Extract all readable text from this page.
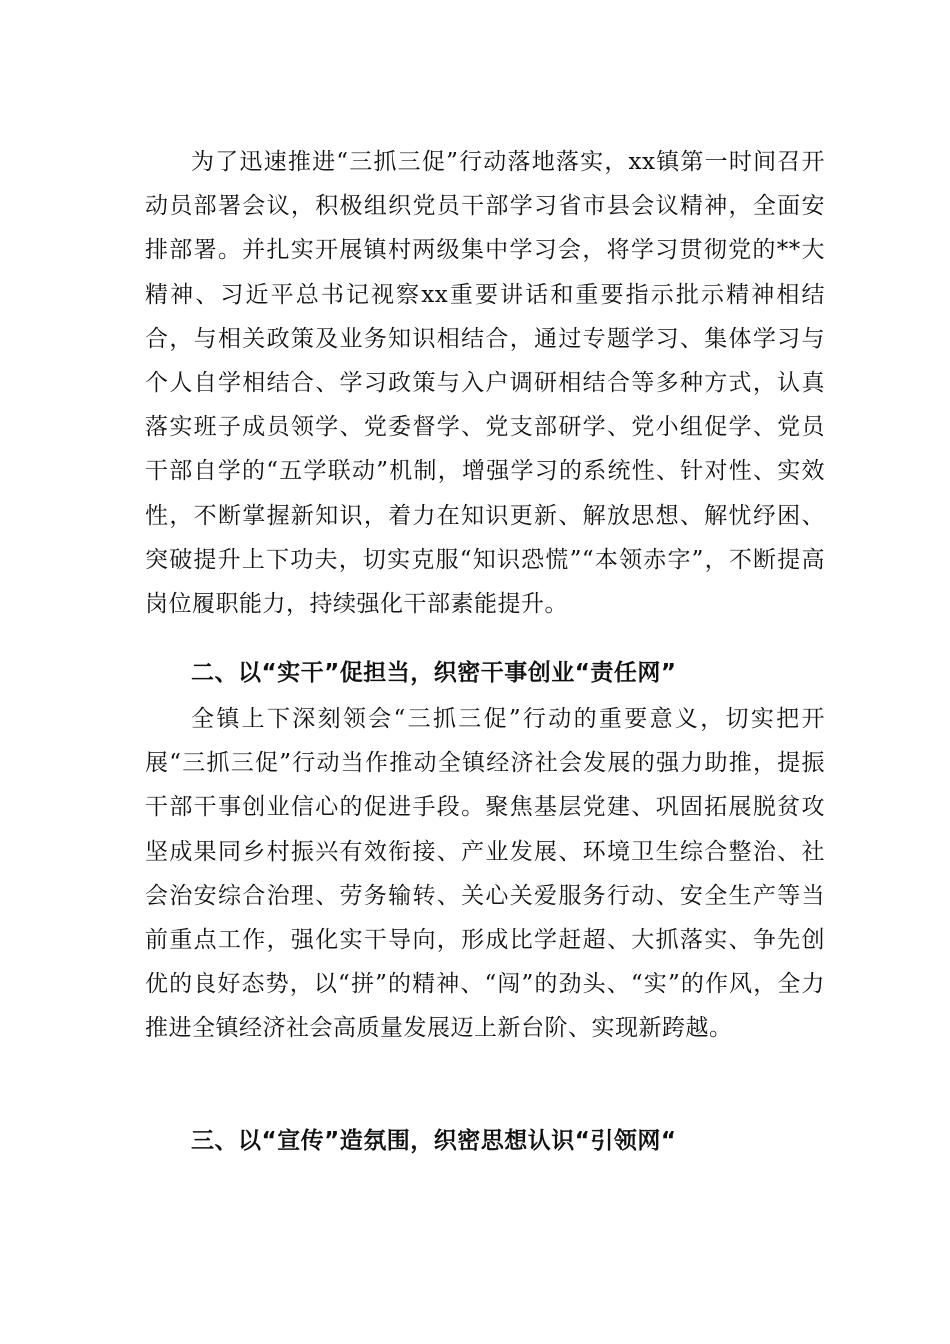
为了迅速推进“三抓三促”行动落地落实，xx镇第一时间召开动员部署会议，积极组织党员干部学习省市县会议精神，全面安排部署。并扎实开展镇村两级集中学习会，将学习贯彻党的**大精神、习近平总书记视察xx重要讲话和重要指示批示精神相结合，与相关政策及业务知识相结合，通过专题学习、集体学习与个人自学相结合、学习政策与入户调研相结合等多种方式，认真落实班子成员领学、党委督学、党支部研学、党小组促学、党员干部自学的“五学联动”机制，增强学习的系统性、针对性、实效性，不断掌握新知识，着力在知识更新、解放思想、解忧纾困、突破提升上下功夫，切实克服“知识恐慌”“本领赤字”，不断提高岗位履职能力，持续强化干部素能提升。

二、以“实干”促担当，织密干事创业“责任网”

全镇上下深刻领会“三抓三促”行动的重要意义，切实把开展“三抓三促”行动当作推动全镇经济社会发展的强力助推，提振干部干事创业信心的促进手段。聚焦基层党建、巩固拓展脱贫攻坚成果同乡村振兴有效衔接、产业发展、环境卫生综合整治、社会治安综合治理、劳务输转、关心关爱服务行动、安全生产等当前重点工作，强化实干导向，形成比学赶超、大抓落实、争先创优的良好态势，以“拼”的精神、“闯”的劲头、“实”的作风，全力推进全镇经济社会高质量发展迈上新台阶、实现新跨越。

三、以“宣传”造氛围，织密思想认识“引领网“
